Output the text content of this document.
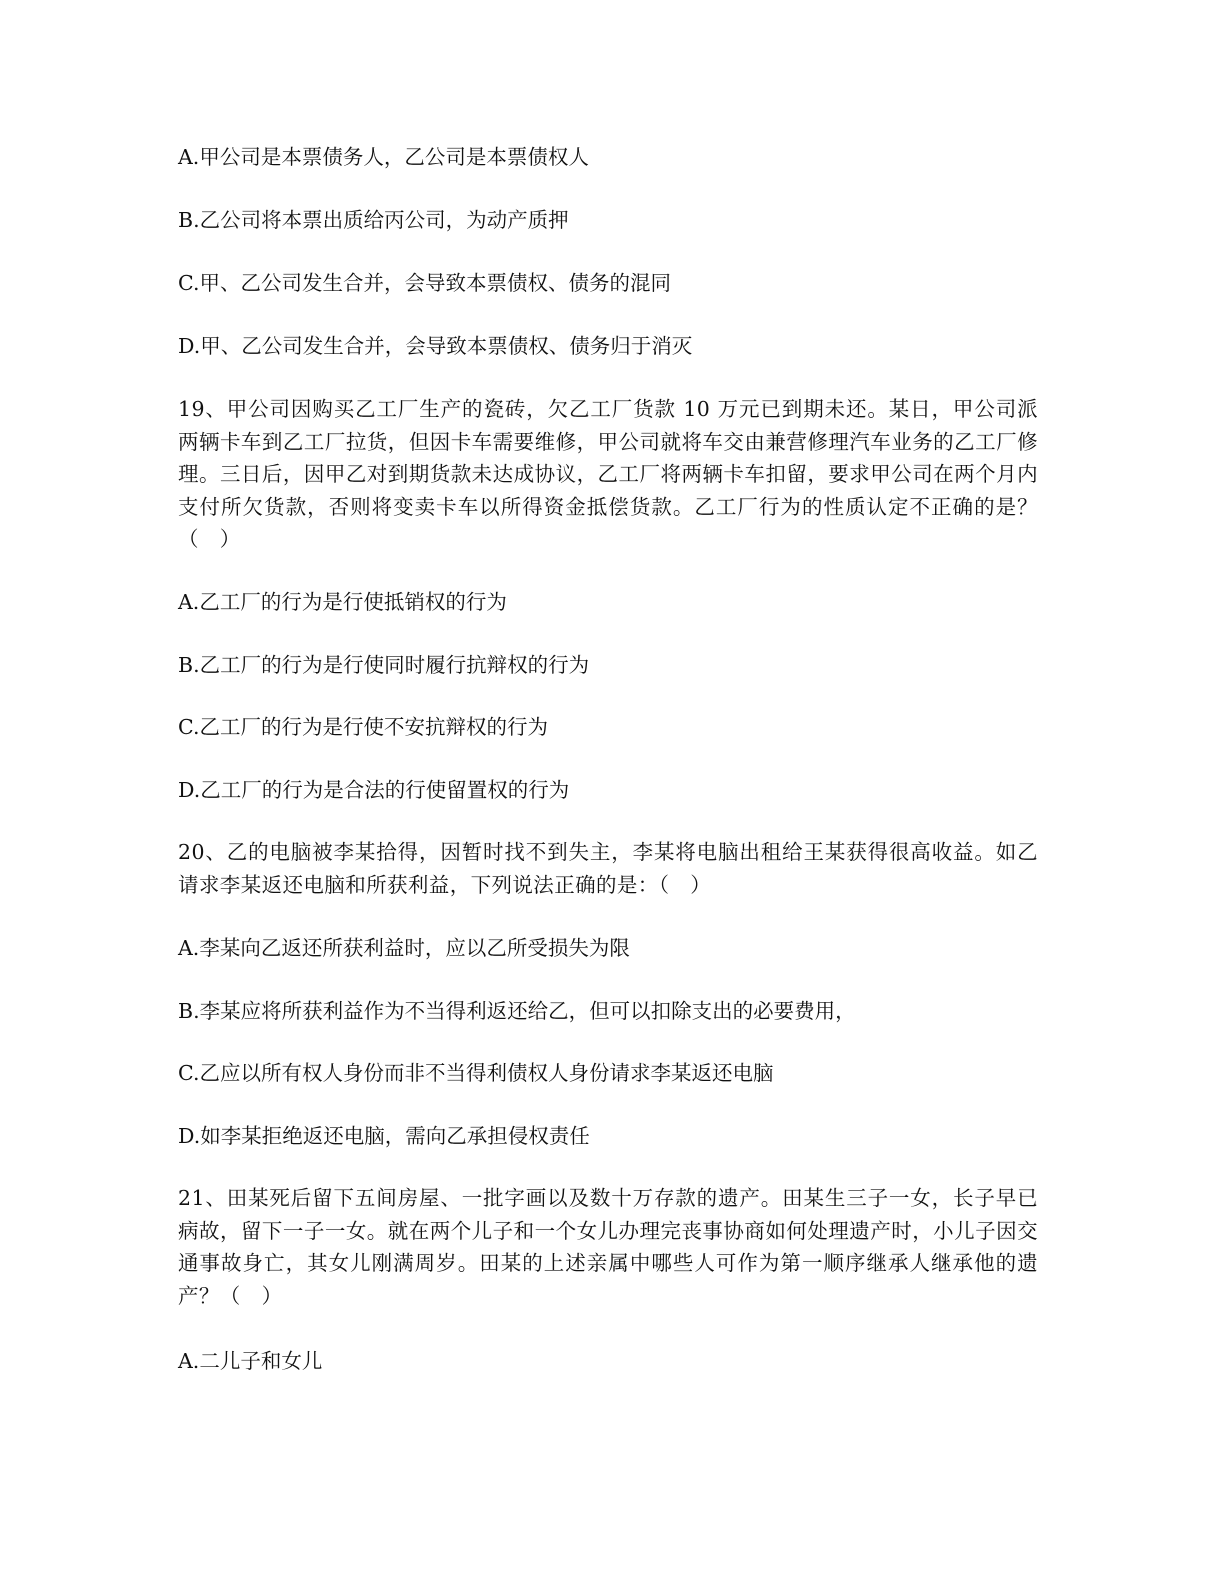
A.甲公司是本票债务人，乙公司是本票债权人
B.乙公司将本票出质给丙公司，为动产质押
C.甲、乙公司发生合并，会导致本票债权、债务的混同
D.甲、乙公司发生合并，会导致本票债权、债务归于消灭
19、甲公司因购买乙工厂生产的瓷砖，欠乙工厂货款 10 万元已到期未还。某日，甲公司派两辆卡车到乙工厂拉货，但因卡车需要维修，甲公司就将车交由兼营修理汽车业务的乙工厂修理。三日后，因甲乙对到期货款未达成协议，乙工厂将两辆卡车扣留，要求甲公司在两个月内支付所欠货款，否则将变卖卡车以所得资金抵偿货款。乙工厂行为的性质认定不正确的是？（　）
A.乙工厂的行为是行使抵销权的行为
B.乙工厂的行为是行使同时履行抗辩权的行为
C.乙工厂的行为是行使不安抗辩权的行为
D.乙工厂的行为是合法的行使留置权的行为
20、乙的电脑被李某拾得，因暂时找不到失主，李某将电脑出租给王某获得很高收益。如乙请求李某返还电脑和所获利益，下列说法正确的是：（　）
A.李某向乙返还所获利益时，应以乙所受损失为限
B.李某应将所获利益作为不当得利返还给乙，但可以扣除支出的必要费用，
C.乙应以所有权人身份而非不当得利债权人身份请求李某返还电脑
D.如李某拒绝返还电脑，需向乙承担侵权责任
21、田某死后留下五间房屋、一批字画以及数十万存款的遗产。田某生三子一女，长子早已病故，留下一子一女。就在两个儿子和一个女儿办理完丧事协商如何处理遗产时，小儿子因交通事故身亡，其女儿刚满周岁。田某的上述亲属中哪些人可作为第一顺序继承人继承他的遗产？（　）
A.二儿子和女儿
